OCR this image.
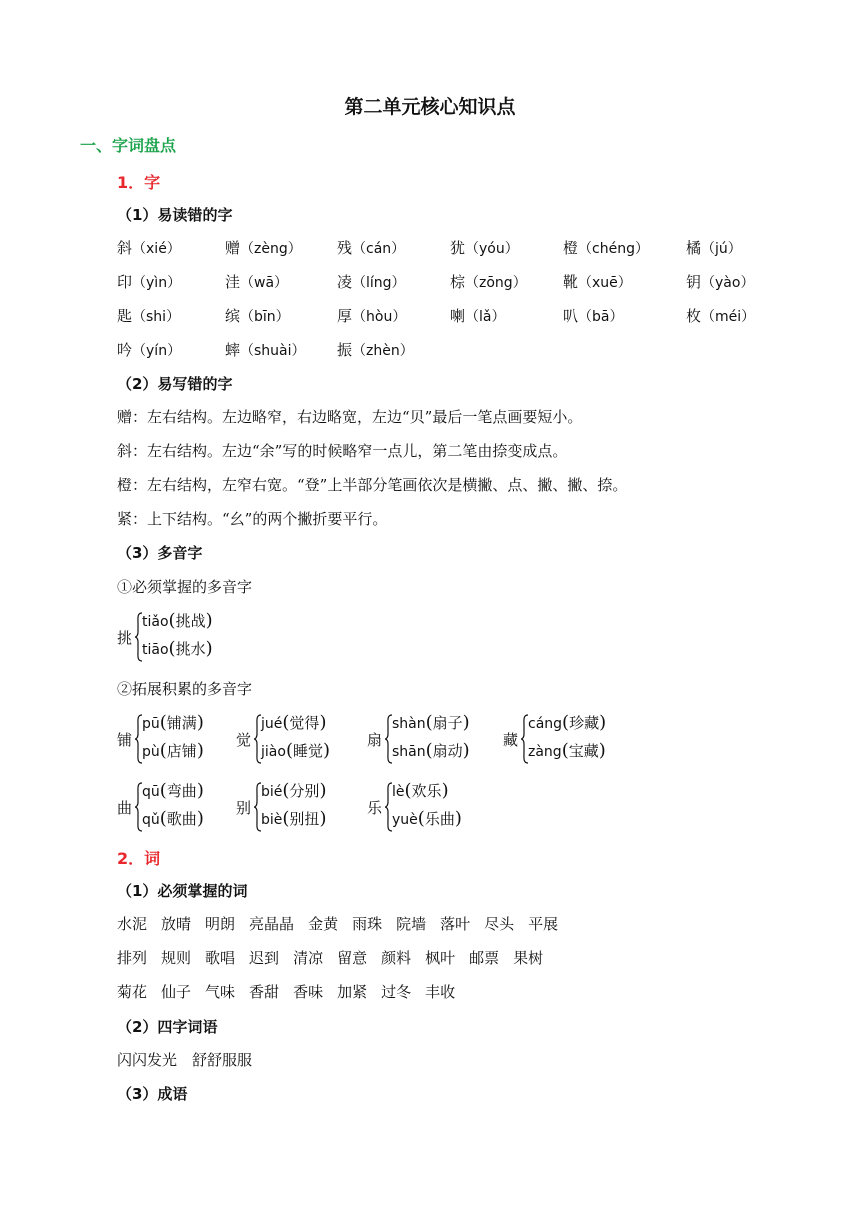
第二单元核心知识点
一、字词盘点
1．字
（1）易读错的字
斜（xié）	赠（zèng） 残（cán）	犹（yóu）	橙（chéng） 橘（jú）
印（yìn）	洼（wā）	凌（líng）	棕（zōng） 靴（xuē）	钥（yào）
匙（shi）	缤（bīn）	厚（hòu）	喇（lǎ）	叭（bā）	枚（méi）
吟（yín）	蟀（shuài） 振（zhèn）
（2）易写错的字
赠：左右结构。左边略窄，右边略宽，左边“贝”最后一笔点画要短小。
斜：左右结构。左边“余”写的时候略窄一点儿，第二笔由捺变成点。
橙：左右结构，左窄右宽。“登”上半部分笔画依次是横撇、点、撇、撇、捺。
紧：上下结构。“幺”的两个撇折要平行。
（3）多音字
①必须掌握的多音字
挑
tiǎo(挑战)
tiāo(挑水)
铺
pū(铺满)
pù(店铺) 觉
jué(觉得)
jiào(睡觉) 扇
shàn(扇子)
shān(扇动) 藏
cáng(珍藏)
zàng(宝藏)
曲
qū(弯曲)
qǔ(歌曲) 别
bié(分别)
biè(别扭)	乐
lè(欢乐)
yuè(乐曲)
②拓展积累的多音字
2．词
（1）必须掌握的词
水泥 放晴 明朗 亮晶晶 金黄 雨珠 院墙 落叶 尽头 平展
排列 规则 歌唱 迟到 清凉 留意 颜料 枫叶 邮票 果树
菊花 仙子 气味 香甜 香味 加紧 过冬 丰收
（2）四字词语
闪闪发光　舒舒服服
（3）成语
